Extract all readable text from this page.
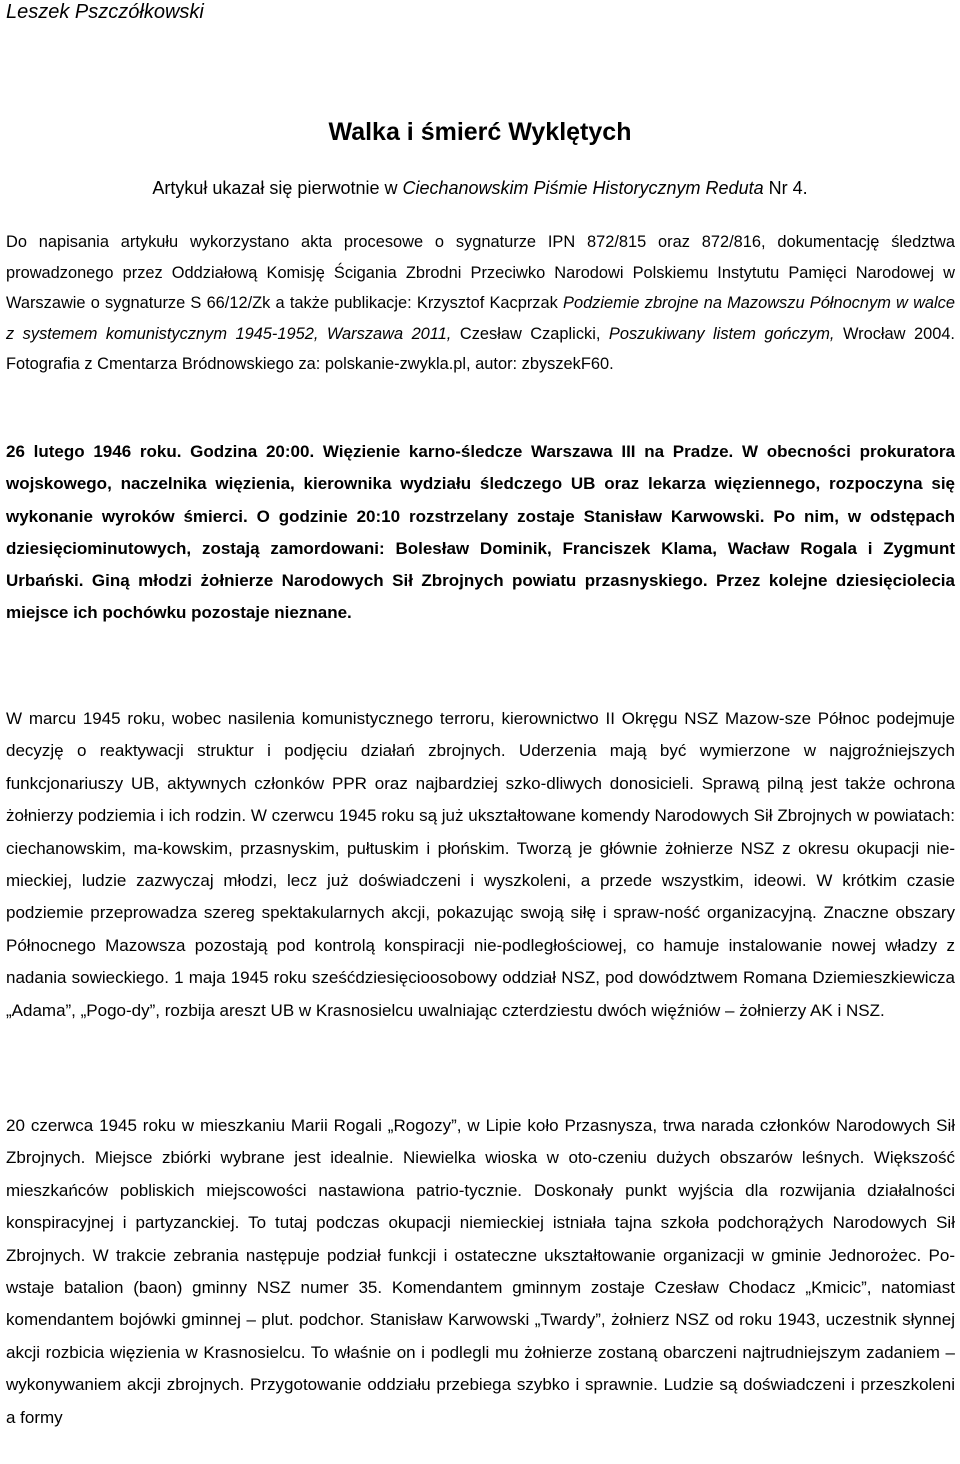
Leszek Pszczółkowski
Walka i śmierć Wyklętych
Artykuł ukazał się pierwotnie w Ciechanowskim Piśmie Historycznym Reduta Nr 4.

Do napisania artykułu wykorzystano akta procesowe o sygnaturze IPN 872/815 oraz 872/816, dokumentację śledztwa prowadzonego przez Oddziałową Komisję Ścigania Zbrodni Przeciwko Narodowi Polskiemu Instytutu Pamięci Narodowej w Warszawie o sygnaturze S 66/12/Zk a także publikacje: Krzysztof Kacprzak Podziemie zbrojne na Mazowszu Północnym w walce z systemem komunistycznym 1945-1952, Warszawa 2011, Czesław Czaplicki, Poszukiwany listem gończym, Wrocław 2004. Fotografia z Cmentarza Bródnowskiego za: polskanie-zwykla.pl, autor: zbyszekF60.

26 lutego 1946 roku. Godzina 20:00. Więzienie karno-śledcze Warszawa III na Pradze. W obecności prokuratora wojskowego, naczelnika więzienia, kierownika wydziału śledczego UB oraz lekarza więziennego, rozpoczyna się wykonanie wyroków śmierci. O godzinie 20:10 rozstrzelany zostaje Stanisław Karwowski. Po nim, w odstępach dziesięciominutowych, zostają zamordowani: Bolesław Dominik, Franciszek Klama, Wacław Rogala i Zygmunt Urbański. Giną młodzi żołnierze Narodowych Sił Zbrojnych powiatu przasnyskiego. Przez kolejne dziesięciolecia miejsce ich pochówku pozostaje nieznane.

W marcu 1945 roku, wobec nasilenia komunistycznego terroru, kierownictwo II Okręgu NSZ Mazow-sze Północ podejmuje decyzję o reaktywacji struktur i podjęciu działań zbrojnych. Uderzenia mają być wymierzone w najgroźniejszych funkcjonariuszy UB, aktywnych członków PPR oraz najbardziej szko-dliwych donosicieli. Sprawą pilną jest także ochrona żołnierzy podziemia i ich rodzin. W czerwcu 1945 roku są już ukształtowane komendy Narodowych Sił Zbrojnych w powiatach: ciechanowskim, ma-kowskim, przasnyskim, pułtuskim i płońskim. Tworzą je głównie żołnierze NSZ z okresu okupacji nie-mieckiej, ludzie zazwyczaj młodzi, lecz już doświadczeni i wyszkoleni, a przede wszystkim, ideowi. W krótkim czasie podziemie przeprowadza szereg spektakularnych akcji, pokazując swoją siłę i spraw-ność organizacyjną. Znaczne obszary Północnego Mazowsza pozostają pod kontrolą konspiracji nie-podległościowej, co hamuje instalowanie nowej władzy z nadania sowieckiego. 1 maja 1945 roku sześćdziesięcioosobowy oddział NSZ, pod dowództwem Romana Dziemieszkiewicza „Adama”, „Pogo-dy”, rozbija areszt UB w Krasnosielcu uwalniając czterdziestu dwóch więźniów – żołnierzy AK i NSZ.

20 czerwca 1945 roku w mieszkaniu Marii Rogali „Rogozy”, w Lipie koło Przasnysza, trwa narada członków Narodowych Sił Zbrojnych. Miejsce zbiórki wybrane jest idealnie. Niewielka wioska w oto-czeniu dużych obszarów leśnych. Większość mieszkańców pobliskich miejscowości nastawiona patrio-tycznie. Doskonały punkt wyjścia dla rozwijania działalności konspiracyjnej i partyzanckiej. To tutaj podczas okupacji niemieckiej istniała tajna szkoła podchorążych Narodowych Sił Zbrojnych. W trakcie zebrania następuje podział funkcji i ostateczne ukształtowanie organizacji w gminie Jednorożec. Po-wstaje batalion (baon) gminny NSZ numer 35. Komendantem gminnym zostaje Czesław Chodacz „Kmicic”, natomiast komendantem bojówki gminnej – plut. podchor. Stanisław Karwowski „Twardy”, żołnierz NSZ od roku 1943, uczestnik słynnej akcji rozbicia więzienia w Krasnosielcu. To właśnie on i podlegli mu żołnierze zostaną obarczeni najtrudniejszym zadaniem – wykonywaniem akcji zbrojnych. Przygotowanie oddziału przebiega szybko i sprawnie. Ludzie są doświadczeni i przeszkoleni a formy
